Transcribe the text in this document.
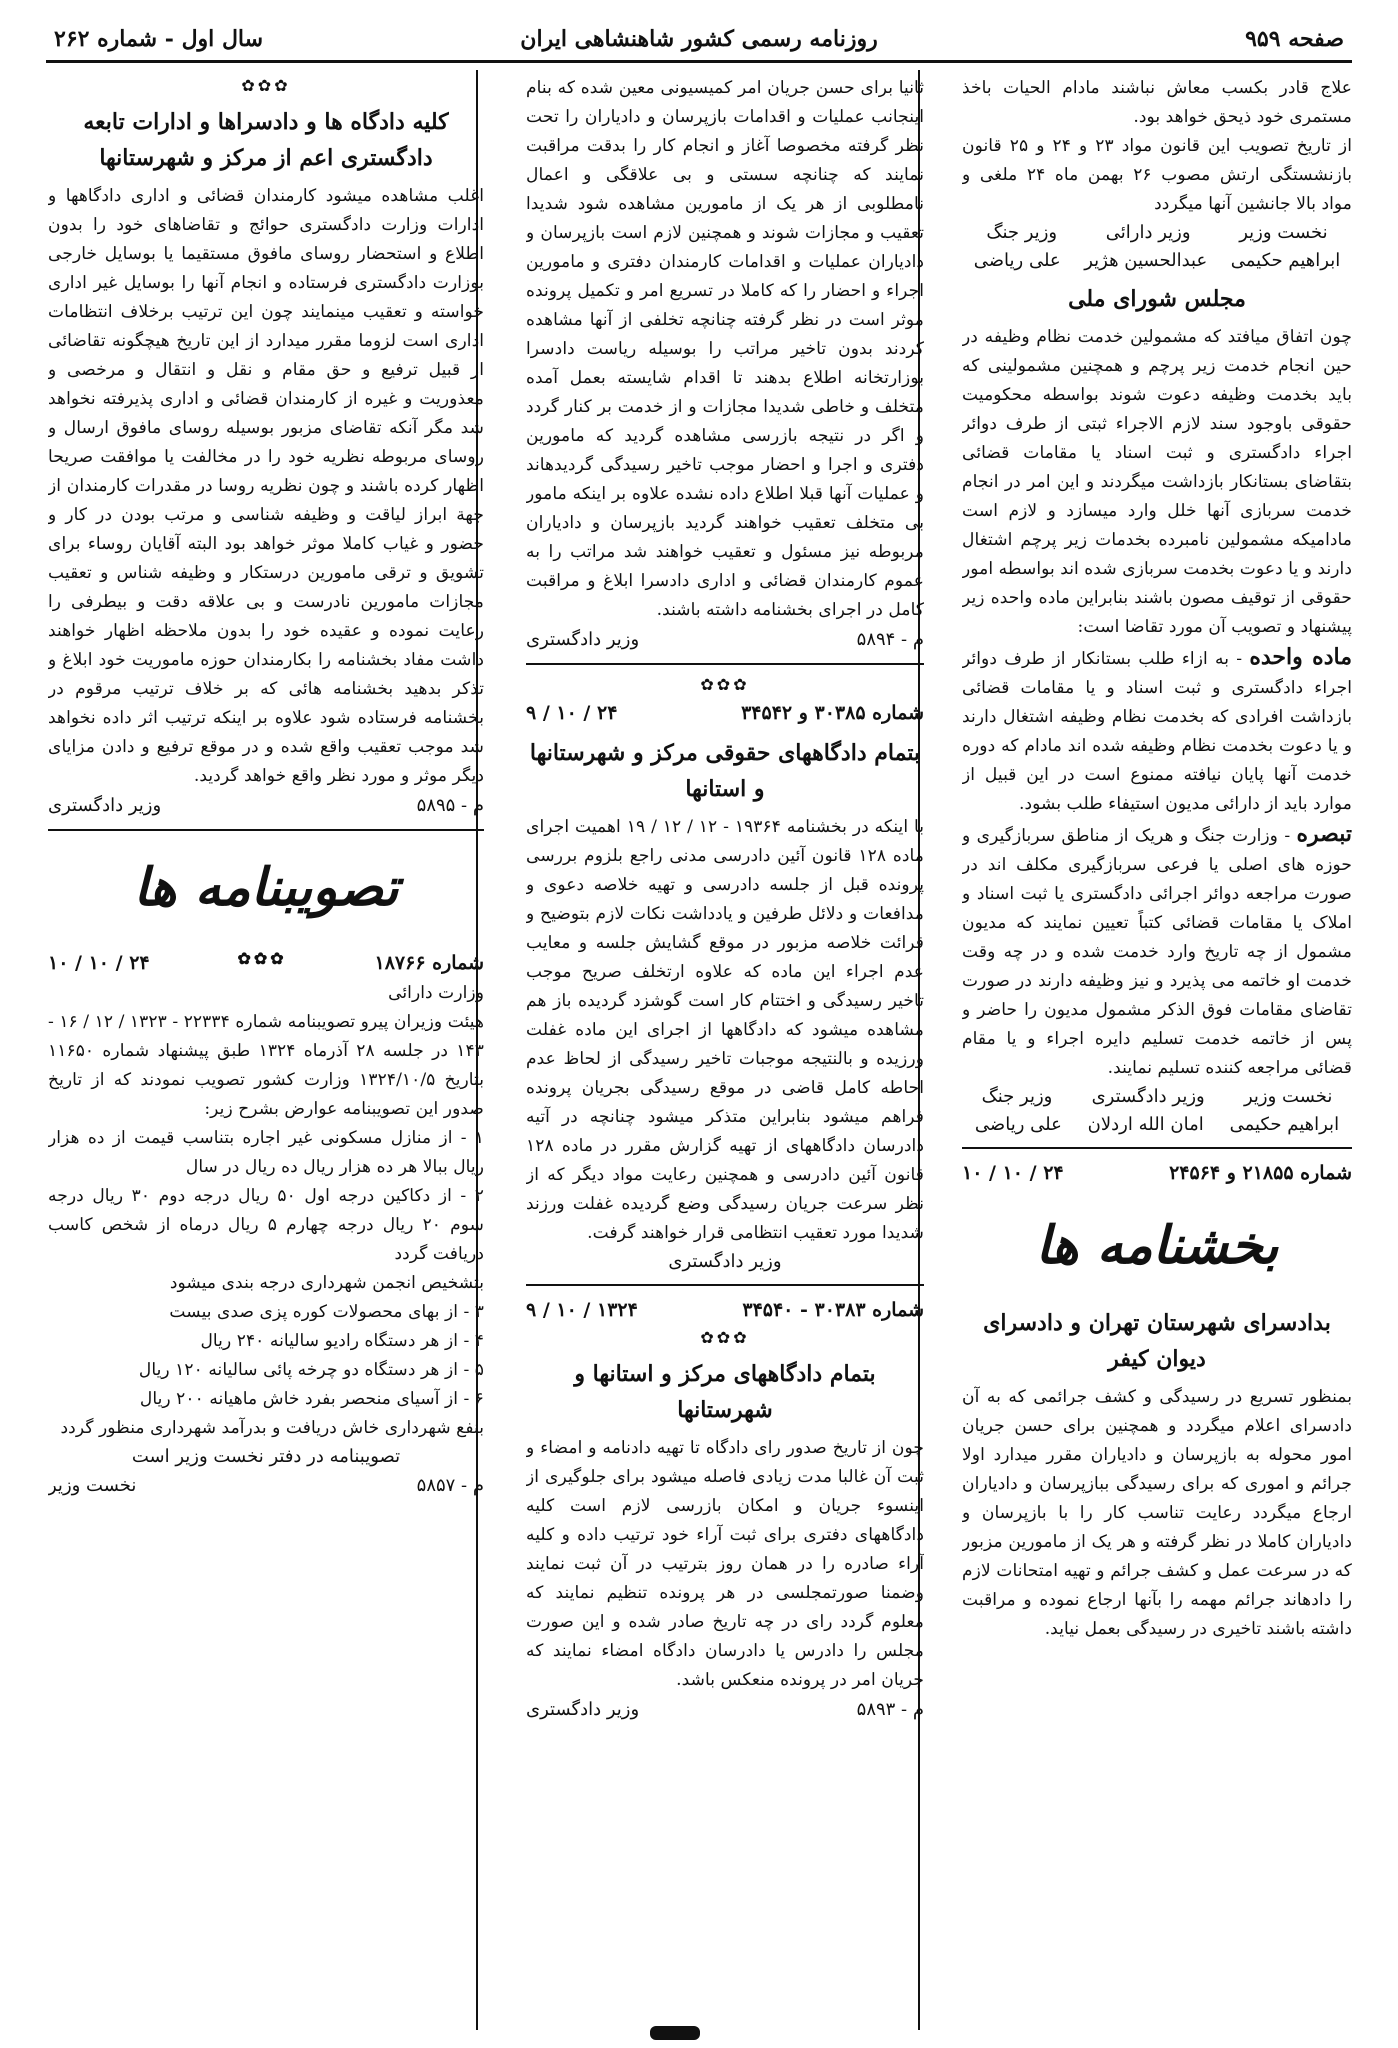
صفحه ۹۵۹
روزنامه رسمی کشور شاهنشاهی ایران
سال اول - شماره ۲۶۲

علاج قادر بکسب معاش نباشند مادام الحیات باخذ مستمری خود ذیحق خواهد بود.

از تاریخ تصویب این قانون مواد ۲۳ و ۲۴ و ۲۵ قانون بازنشستگی ارتش مصوب ۲۶ بهمن ماه ۲۴ ملغی و مواد بالا جانشین آنها میگردد

نخست وزیر
وزیر دارائی
وزیر جنگ
ابراهیم حکیمی
عبدالحسین هژیر
علی ریاضی
مجلس شورای ملی

چون اتفاق میافتد که مشمولین خدمت نظام وظیفه در حین انجام خدمت زیر پرچم و همچنین مشمولینی که باید بخدمت وظیفه دعوت شوند بواسطه محکومیت حقوقی باوجود سند لازم الاجراء ثبتی از طرف دوائر اجراء دادگستری و ثبت اسناد یا مقامات قضائی بتقاضای بستانکار بازداشت میگردند و این امر در انجام خدمت سربازی آنها خلل وارد میسازد و لازم است مادامیکه مشمولین نامبرده بخدمات زیر پرچم اشتغال دارند و یا دعوت بخدمت سربازی شده اند بواسطه امور حقوقی از توقیف مصون باشند بنابراین ماده واحده زیر پیشنهاد و تصویب آن مورد تقاضا است:

ماده واحده - به ازاء طلب بستانکار از طرف دوائر اجراء دادگستری و ثبت اسناد و یا مقامات قضائی بازداشت افرادی که بخدمت نظام وظیفه اشتغال دارند و یا دعوت بخدمت نظام وظیفه شده اند مادام که دوره خدمت آنها پایان نیافته ممنوع است در این قبیل از موارد باید از دارائی مدیون استیفاء طلب بشود.

تبصره - وزارت جنگ و هریک از مناطق سربازگیری و حوزه های اصلی یا فرعی سربازگیری مکلف اند در صورت مراجعه دوائر اجرائی دادگستری یا ثبت اسناد و املاک یا مقامات قضائی کتباً تعیین نمایند که مدیون مشمول از چه تاریخ وارد خدمت شده و در چه وقت خدمت او خاتمه می پذیرد و نیز وظیفه دارند در صورت تقاضای مقامات فوق الذکر مشمول مدیون را حاضر و پس از خاتمه خدمت تسلیم دایره اجراء و یا مقام قضائی مراجعه کننده تسلیم نمایند.

نخست وزیر
وزیر دادگستری
وزیر جنگ
ابراهیم حکیمی
امان الله اردلان
علی ریاضی
شماره ۲۱۸۵۵ و ۲۴۵۶۴
۲۴ / ۱۰ / ۱۰
بخشنامه ها
بدادسرای شهرستان تهران و دادسرای دیوان کیفر

بمنظور تسریع در رسیدگی و کشف جرائمی که به آن دادسرای اعلام میگردد و همچنین برای حسن جریان امور محوله به بازپرسان و دادیاران مقرر میدارد اولا جرائم و اموری که برای رسیدگی ببازپرسان و دادیاران ارجاع میگردد رعایت تناسب کار را با بازپرسان و دادیاران کاملا در نظر گرفته و هر یک از مامورین مزبور که در سرعت عمل و کشف جرائم و تهیه امتحانات لازم را دادهاند جرائم مهمه را بآنها ارجاع نموده و مراقبت داشته باشند تاخیری در رسیدگی بعمل نیاید.

ثانیا برای حسن جریان امر کمیسیونی معین شده که بنام اینجانب عملیات و اقدامات بازپرسان و دادیاران را تحت نظر گرفته مخصوصا آغاز و انجام کار را بدقت مراقبت نمایند که چنانچه سستی و بی علاقگی و اعمال نامطلوبی از هر یک از مامورین مشاهده شود شدیدا تعقیب و مجازات شوند و همچنین لازم است بازپرسان و دادیاران عملیات و اقدامات کارمندان دفتری و مامورین اجراء و احضار را که کاملا در تسریع امر و تکمیل پرونده موثر است در نظر گرفته چنانچه تخلفی از آنها مشاهده کردند بدون تاخیر مراتب را بوسیله ریاست دادسرا بوزارتخانه اطلاع بدهند تا اقدام شایسته بعمل آمده متخلف و خاطی شدیدا مجازات و از خدمت بر کنار گردد و اگر در نتیجه بازرسی مشاهده گردید که مامورین دفتری و اجرا و احضار موجب تاخیر رسیدگی گردیدهاند و عملیات آنها قبلا اطلاع داده نشده علاوه بر اینکه مامور بی متخلف تعقیب خواهند گردید بازپرسان و دادیاران مربوطه نیز مسئول و تعقیب خواهند شد مراتب را به عموم کارمندان قضائی و اداری دادسرا ابلاغ و مراقبت کامل در اجرای بخشنامه داشته باشند.

م - ۵۸۹۴
وزیر دادگستری
✿✿✿
شماره ۳۰۳۸۵ و ۳۴۵۴۲
۲۴ / ۱۰ / ۹
بتمام دادگاههای حقوقی مرکز و شهرستانها و استانها

با اینکه در بخشنامه ۱۹۳۶۴ - ۱۲ / ۱۲ / ۱۹ اهمیت اجرای ماده ۱۲۸ قانون آئین دادرسی مدنی راجع بلزوم بررسی پرونده قبل از جلسه دادرسی و تهیه خلاصه دعوی و مدافعات و دلائل طرفین و یادداشت نکات لازم بتوضیح و قرائت خلاصه مزبور در موقع گشایش جلسه و معایب عدم اجراء این ماده که علاوه ارتخلف صریح موجب تاخیر رسیدگی و اختتام کار است گوشزد گردیده باز هم مشاهده میشود که دادگاهها از اجرای این ماده غفلت ورزیده و بالنتیجه موجبات تاخیر رسیدگی از لحاظ عدم احاطه کامل قاضی در موقع رسیدگی بجریان پرونده فراهم میشود بنابراین متذکر میشود چنانچه در آتیه دادرسان دادگاههای از تهیه گزارش مقرر در ماده ۱۲۸ قانون آئین دادرسی و همچنین رعایت مواد دیگر که از نظر سرعت جریان رسیدگی وضع گردیده غفلت ورزند شدیدا مورد تعقیب انتظامی قرار خواهند گرفت.

وزیر دادگستری
شماره ۳۰۳۸۳ - ۳۴۵۴۰
۱۳۲۴ / ۱۰ / ۹
✿✿✿
بتمام دادگاههای مرکز و استانها و شهرستانها

چون از تاریخ صدور رای دادگاه تا تهیه دادنامه و امضاء و ثبت آن غالبا مدت زیادی فاصله میشود برای جلوگیری از اینسوء جریان و امکان بازرسی لازم است کلیه دادگاههای دفتری برای ثبت آراء خود ترتیب داده و کلیه آراء صادره را در همان روز بترتیب در آن ثبت نمایند وضمنا صورتمجلسی در هر پرونده تنظیم نمایند که معلوم گردد رای در چه تاریخ صادر شده و این صورت مجلس را دادرس یا دادرسان دادگاه امضاء نمایند که جریان امر در پرونده منعکس باشد.

م - ۵۸۹۳
وزیر دادگستری
✿✿✿
کلیه دادگاه ها و دادسراها و ادارات تابعه دادگستری اعم از مرکز و شهرستانها

اغلب مشاهده میشود کارمندان قضائی و اداری دادگاهها و ادارات وزارت دادگستری حوائج و تقاضاهای خود را بدون اطلاع و استحضار روسای مافوق مستقیما یا بوسایل خارجی بوزارت دادگستری فرستاده و انجام آنها را بوسایل غیر اداری خواسته و تعقیب مینمایند چون این ترتیب برخلاف انتظامات اداری است لزوما مقرر میدارد از این تاریخ هیچگونه تقاضائی از قبیل ترفیع و حق مقام و نقل و انتقال و مرخصی و معذوریت و غیره از کارمندان قضائی و اداری پذیرفته نخواهد شد مگر آنکه تقاضای مزبور بوسیله روسای مافوق ارسال و روسای مربوطه نظریه خود را در مخالفت یا موافقت صریحا اظهار کرده باشند و چون نظریه روسا در مقدرات کارمندان از جهة ابراز لیاقت و وظیفه شناسی و مرتب بودن در کار و حضور و غیاب کاملا موثر خواهد بود البته آقایان روساء برای تشویق و ترقی مامورین درستکار و وظیفه شناس و تعقیب مجازات مامورین نادرست و بی علاقه دقت و بیطرفی را رعایت نموده و عقیده خود را بدون ملاحظه اظهار خواهند داشت مفاد بخشنامه را بکارمندان حوزه ماموریت خود ابلاغ و تذکر بدهید بخشنامه هائی که بر خلاف ترتیب مرقوم در بخشنامه فرستاده شود علاوه بر اینکه ترتیب اثر داده نخواهد شد موجب تعقیب واقع شده و در موقع ترفیع و دادن مزایای دیگر موثر و مورد نظر واقع خواهد گردید.

م - ۵۸۹۵
وزیر دادگستری
تصویبنامه ها
شماره ۱۸۷۶۶
✿✿✿
۲۴ / ۱۰ / ۱۰

وزارت دارائی

هیئت وزیران پیرو تصویبنامه شماره ۲۲۳۳۴ - ۱۳۲۳ / ۱۲ / ۱۶ - ۱۴۳ در جلسه ۲۸ آذرماه ۱۳۲۴ طبق پیشنهاد شماره ۱۱۶۵۰ بتاریخ ۱۳۲۴/۱۰/۵ وزارت کشور تصویب نمودند که از تاریخ صدور این تصویبنامه عوارض بشرح زیر:

۱ - از منازل مسکونی غیر اجاره بتناسب قیمت از ده هزار ریال ببالا هر ده هزار ریال ده ریال در سال

۲ - از دکاکین درجه اول ۵۰ ریال درجه دوم ۳۰ ریال درجه سوم ۲۰ ریال درجه چهارم ۵ ریال درماه از شخص کاسب دریافت گردد

بتشخیص انجمن شهرداری درجه بندی میشود

۳ - از بهای محصولات کوره پزی صدی بیست

۴ - از هر دستگاه رادیو سالیانه ۲۴۰ ریال

۵ - از هر دستگاه دو چرخه پائی سالیانه ۱۲۰ ریال

۶ - از آسیای منحصر بفرد خاش ماهیانه ۲۰۰ ریال

بنفع شهرداری خاش دریافت و بدرآمد شهرداری منظور گردد

تصویبنامه در دفتر نخست وزیر است

م - ۵۸۵۷
نخست وزیر
